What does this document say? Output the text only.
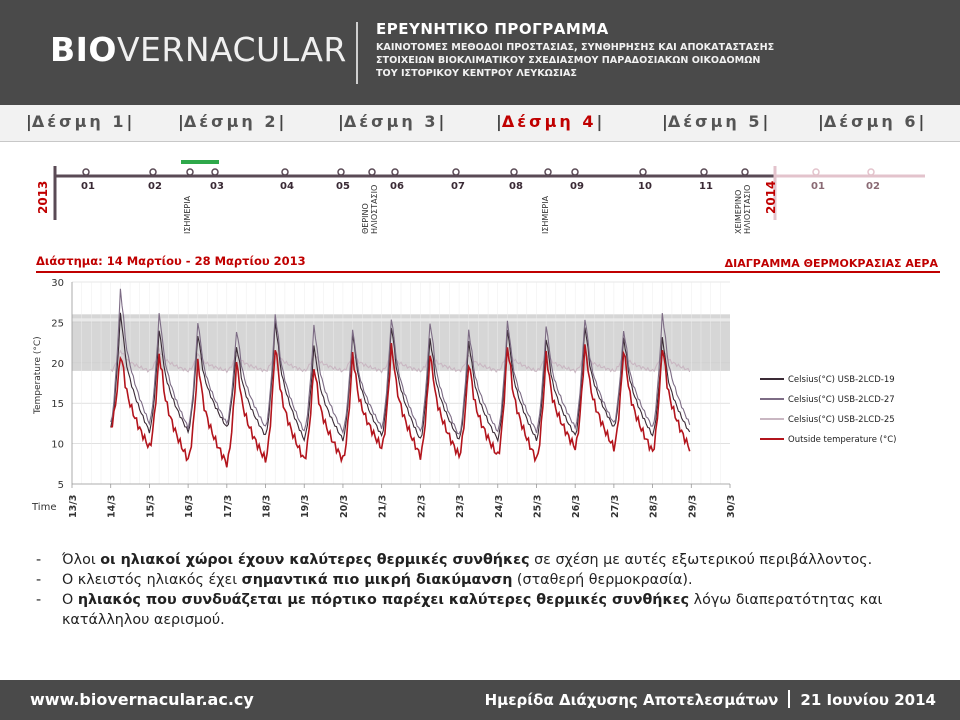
BIOVERNACULAR
ΕΡΕΥΝΗΤΙΚΟ ΠΡΟΓΡΑΜΜΑ
ΚΑΙΝΟΤΟΜΕΣ ΜΕΘΟΔΟΙ ΠΡΟΣΤΑΣΙΑΣ, ΣΥΝΘΗΡΗΣΗΣ ΚΑΙ ΑΠΟΚΑΤΑΣΤΑΣΗΣ
ΣΤΟΙΧΕΙΩΝ ΒΙΟΚΛΙΜΑΤΙΚΟΥ ΣΧΕΔΙΑΣΜΟΥ ΠΑΡΑΔΟΣΙΑΚΩΝ ΟΙΚΟΔΟΜΩΝ
ΤΟΥ ΙΣΤΟΡΙΚΟΥ ΚΕΝΤΡΟΥ ΛΕΥΚΩΣΙΑΣ
|Δέσμη 1|	|Δέσμη 2|	|Δέσμη 3|	|Δέσμη 4|	|Δέσμη 5|	|Δέσμη 6|
2013	2014
01	02	03	04	05	06	07	08	09	10	11	01	02
ΙΣΗΜΕΡΙΑ	ΘΕΡΙΝΟ ΗΛΙΟΣΤΑΣΙΟ	ΙΣΗΜΕΡΙΑ	ΧΕΙΜΕΡΙΝΟ ΗΛΙΟΣΤΑΣΙΟ
Διάστημα: 14 Μαρτίου - 28 Μαρτίου 2013	ΔΙΑΓΡΑΜΜΑ ΘΕΡΜΟΚΡΑΣΙΑΣ ΑΕΡΑ
5
10
15
20
25
30
13/3	14/3	15/3	16/3	17/3	18/3	19/3	20/3	21/3	22/3	23/3	24/3	25/3	26/3	27/3	28/3	29/3	30/3
Celsius(°C) USB-2LCD-19
Celsius(°C) USB-2LCD-27
Celsius(°C) USB-2LCD-25
Outside temperature (°C)
Temperature (°C)
Time
- Όλοι οι ηλιακοί χώροι έχουν καλύτερες θερμικές συνθήκες σε σχέση με αυτές εξωτερικού περιβάλλοντος.
- Ο κλειστός ηλιακός έχει σημαντικά πιο μικρή διακύμανση (σταθερή θερμοκρασία).
- Ο ηλιακός που συνδυάζεται με πόρτικο παρέχει καλύτερες θερμικές συνθήκες λόγω διαπερατότητας και κατάλληλου αερισμού.
www.biovernacular.ac.cy	Ημερίδα Διάχυσης Αποτελεσμάτων 21 Ιουνίου 2014
